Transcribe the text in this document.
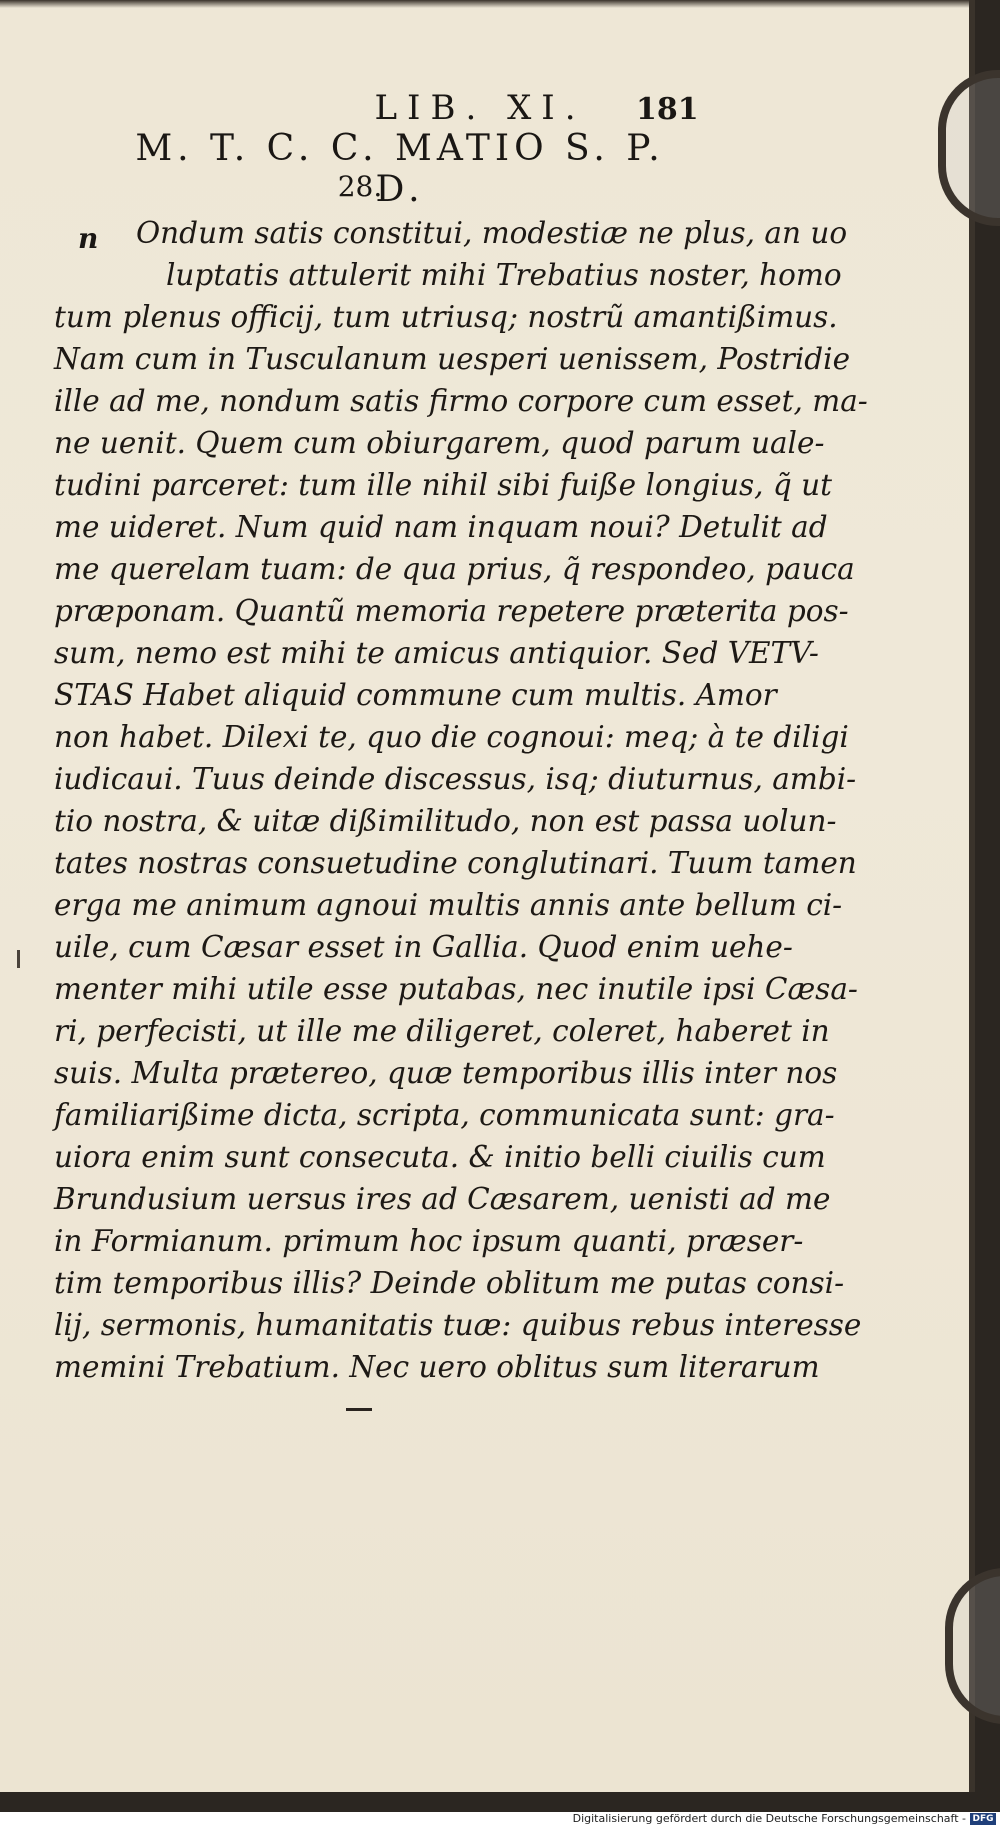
LIB. XI.	181
M. T. C. C. MATIO S. P. D.
28.
n	Ondum satis constitui, modestiæ ne plus, an uo
luptatis attulerit mihi Trebatius noster, homo
tum plenus officij, tum utriusq; nostrũ amantißimus.
Nam cum in Tusculanum uesperi uenissem, Postridie
ille ad me, nondum satis firmo corpore cum esset, ma-
ne uenit. Quem cum obiurgarem, quod parum uale-
tudini parceret: tum ille nihil sibi fuiße longius, q̃ ut
me uideret. Num quid nam inquam noui? Detulit ad
me querelam tuam: de qua prius, q̃ respondeo, pauca
præponam. Quantũ memoria repetere præterita pos-
sum, nemo est mihi te amicus antiquior. Sed VETV-
STAS Habet aliquid commune cum multis. Amor
non habet. Dilexi te, quo die cognoui: meq; à te diligi
iudicaui. Tuus deinde discessus, isq; diuturnus, ambi-
tio nostra, & uitæ dißimilitudo, non est passa uolun-
tates nostras consuetudine conglutinari. Tuum tamen
erga me animum agnoui multis annis ante bellum ci-
uile, cum Cæsar esset in Gallia. Quod enim uehe-
menter mihi utile esse putabas, nec inutile ipsi Cæsa-
ri, perfecisti, ut ille me diligeret, coleret, haberet in
suis. Multa prætereo, quæ temporibus illis inter nos
familiarißime dicta, scripta, communicata sunt: gra-
uiora enim sunt consecuta. & initio belli ciuilis cum
Brundusium uersus ires ad Cæsarem, uenisti ad me
in Formianum. primum hoc ipsum quanti, præser-
tim temporibus illis? Deinde oblitum me putas consi-
lij, sermonis, humanitatis tuæ: quibus rebus interesse
memini Trebatium. Nec uero oblitus sum literarum
Digitalisierung gefördert durch die Deutsche Forschungsgemeinschaft - DFG
